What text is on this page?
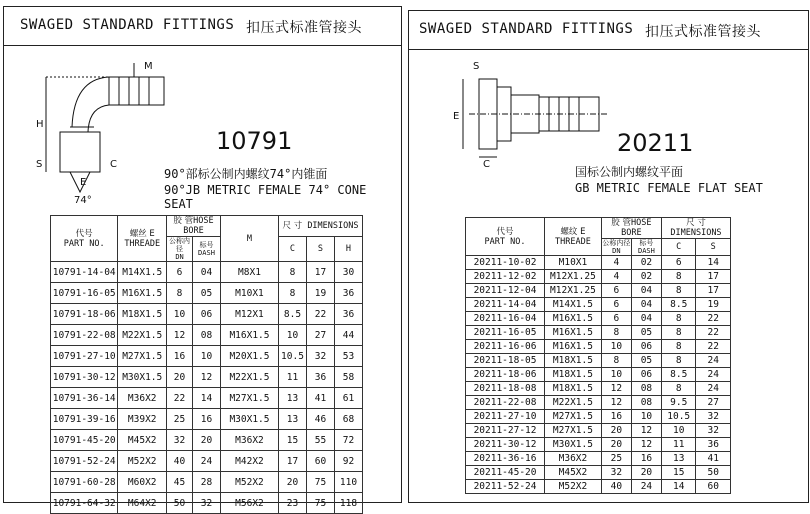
SWAGED STANDARD FITTINGS 扣压式标准管接头
M
H
S
E
C
74°
10791
90°部标公制内螺纹74°内锥面
90°JB METRIC FEMALE 74° CONE SEAT
代号
PART NO.	螺丝 E
THREADE	胶 管HOSE BORE		M	尺 寸 DIMENSIONS		
		公称内径
DN	标号
DASH		C	S	H
10791-14-04	M14X1.5	6	04	M8X1	8	17	30
10791-16-05	M16X1.5	8	05	M10X1	8	19	36
10791-18-06	M18X1.5	10	06	M12X1	8.5	22	36
10791-22-08	M22X1.5	12	08	M16X1.5	10	27	44
10791-27-10	M27X1.5	16	10	M20X1.5	10.5	32	53
10791-30-12	M30X1.5	20	12	M22X1.5	11	36	58
10791-36-14	M36X2	22	14	M27X1.5	13	41	61
10791-39-16	M39X2	25	16	M30X1.5	13	46	68
10791-45-20	M45X2	32	20	M36X2	15	55	72
10791-52-24	M52X2	40	24	M42X2	17	60	92
10791-60-28	M60X2	45	28	M52X2	20	75	110
10791-64-32	M64X2	50	32	M56X2	23	75	118
SWAGED STANDARD FITTINGS 扣压式标准管接头
S
E
C
20211
国标公制内螺纹平面
GB METRIC FEMALE FLAT SEAT
代号
PART NO.	螺纹 E
THREADE	胶 管HOSE BORE		尺 寸 DIMENSIONS	
		公称内径
DN	标号
DASH	C	S
20211-10-02	M10X1	4	02	6	14
20211-12-02	M12X1.25	4	02	8	17
20211-12-04	M12X1.25	6	04	8	17
20211-14-04	M14X1.5	6	04	8.5	19
20211-16-04	M16X1.5	6	04	8	22
20211-16-05	M16X1.5	8	05	8	22
20211-16-06	M16X1.5	10	06	8	22
20211-18-05	M18X1.5	8	05	8	24
20211-18-06	M18X1.5	10	06	8.5	24
20211-18-08	M18X1.5	12	08	8	24
20211-22-08	M22X1.5	12	08	9.5	27
20211-27-10	M27X1.5	16	10	10.5	32
20211-27-12	M27X1.5	20	12	10	32
20211-30-12	M30X1.5	20	12	11	36
20211-36-16	M36X2	25	16	13	41
20211-45-20	M45X2	32	20	15	50
20211-52-24	M52X2	40	24	14	60
